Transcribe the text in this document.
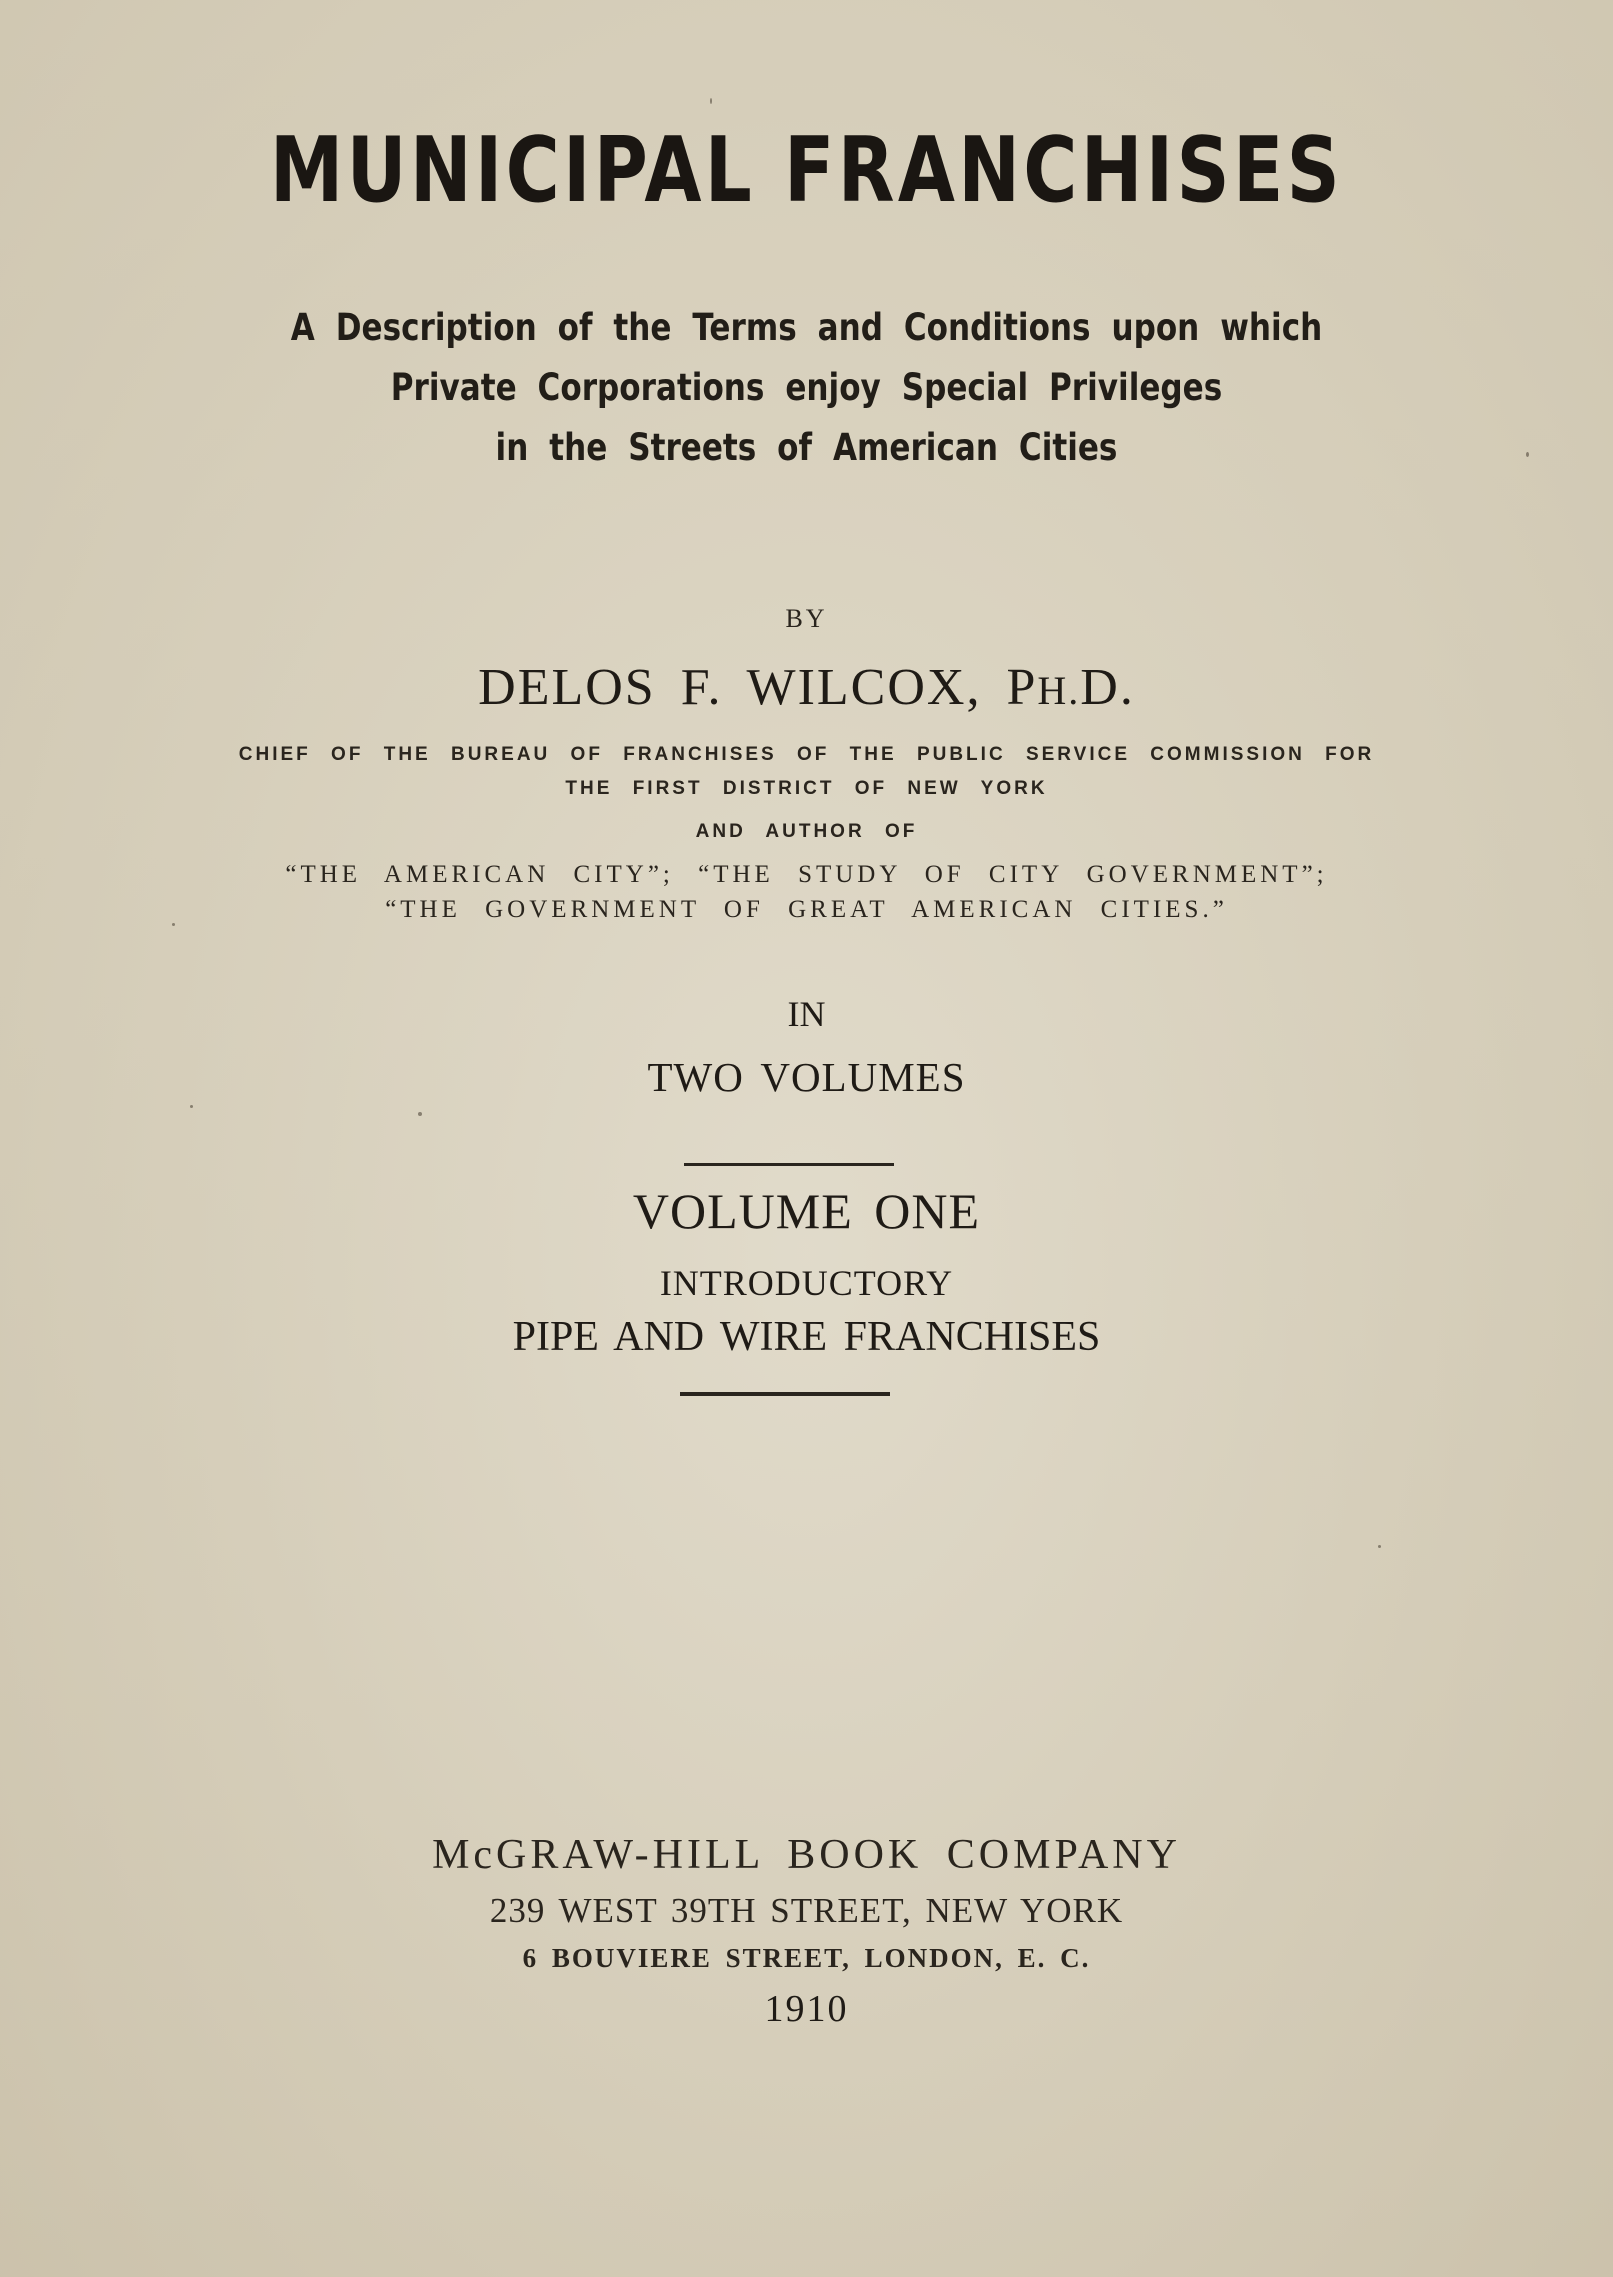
MUNICIPAL FRANCHISES

A Description of the Terms and Conditions upon which

Private Corporations enjoy Special Privileges

in the Streets of American Cities

BY

DELOS F. WILCOX, PH.D.

CHIEF OF THE BUREAU OF FRANCHISES OF THE PUBLIC SERVICE COMMISSION FOR

THE FIRST DISTRICT OF NEW YORK

AND AUTHOR OF

“THE AMERICAN CITY”; “THE STUDY OF CITY GOVERNMENT”;

“THE GOVERNMENT OF GREAT AMERICAN CITIES.”

IN

TWO VOLUMES

VOLUME ONE

INTRODUCTORY

PIPE AND WIRE FRANCHISES

McGRAW-HILL BOOK COMPANY

239 WEST 39TH STREET, NEW YORK

6 BOUVIERE STREET, LONDON, E. C.

1910
